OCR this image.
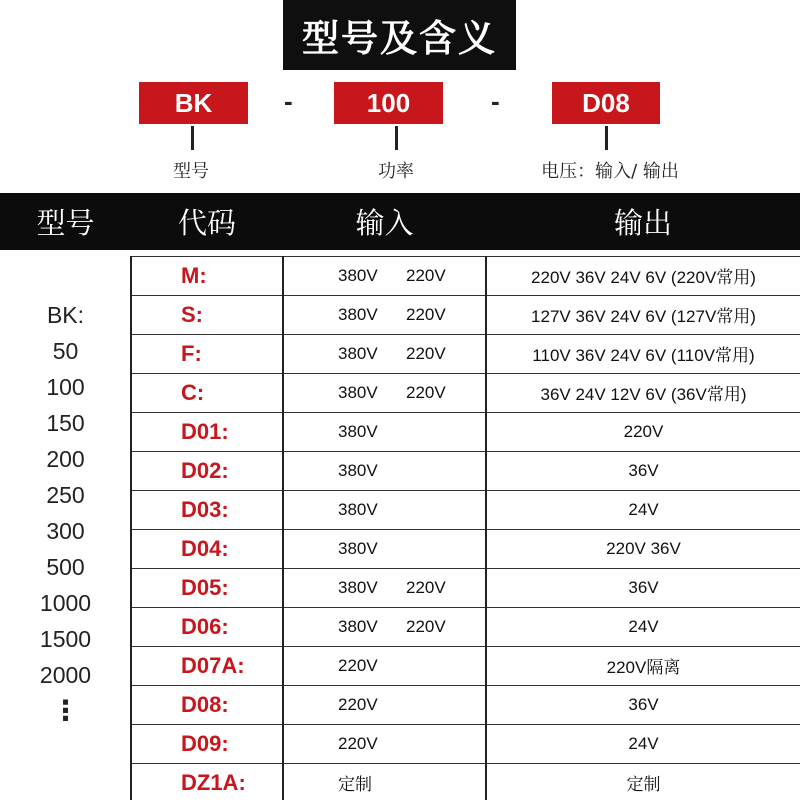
型号及含义
BK	-	100	-	D08
型号	功率	电压：输入/ 输出
型号	代码	输入	输出
BK:
50
100
150
200
250
300
500
1000
1500
2000
⋮
M:	380V 220V	220V 36V 24V 6V (220V常用)
S:	380V 220V	127V 36V 24V 6V (127V常用)
F:	380V 220V	110V 36V 24V 6V (110V常用)
C:	380V 220V	36V 24V 12V 6V (36V常用)
D01:	380V	220V
D02:	380V	36V
D03:	380V	24V
D04:	380V	220V 36V
D05:	380V 220V	36V
D06:	380V 220V	24V
D07A:	220V	220V隔离
D08:	220V	36V
D09:	220V	24V
DZ1A:	定制	定制
